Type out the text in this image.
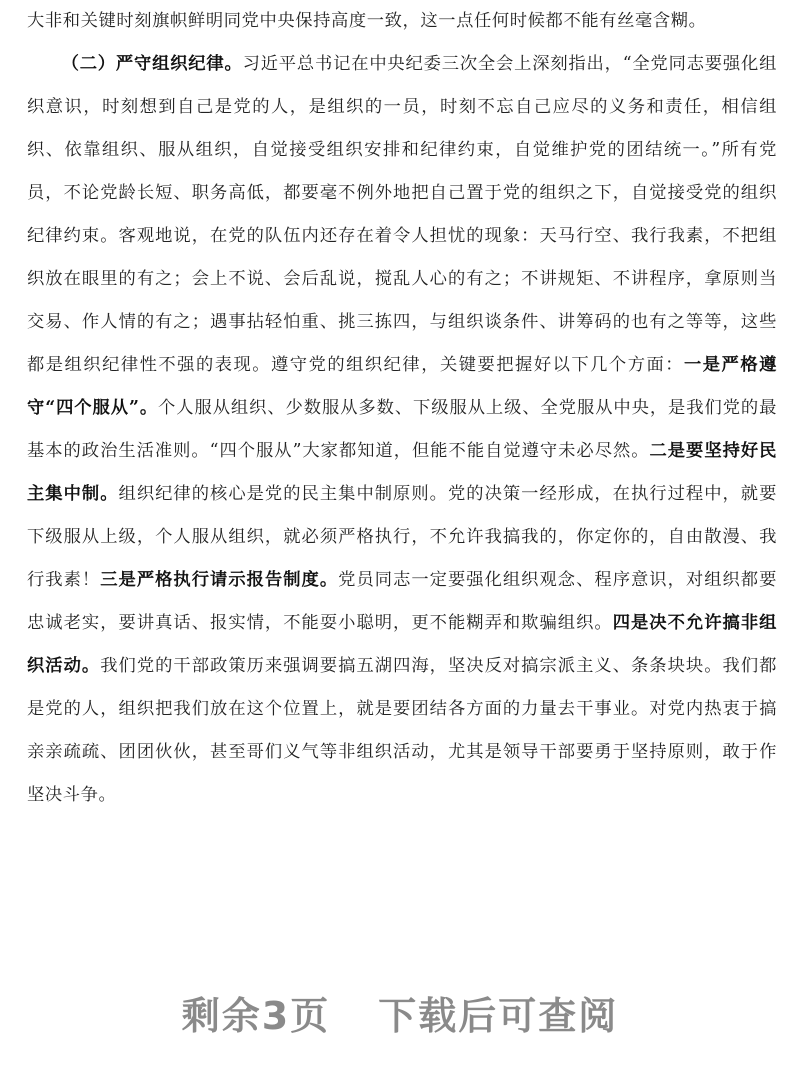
大非和关键时刻旗帜鲜明同党中央保持高度一致，这一点任何时候都不能有丝毫含糊。

（二）严守组织纪律。习近平总书记在中央纪委三次全会上深刻指出，“全党同志要强化组织意识，时刻想到自己是党的人，是组织的一员，时刻不忘自己应尽的义务和责任，相信组织、依靠组织、服从组织，自觉接受组织安排和纪律约束，自觉维护党的团结统一。”所有党员，不论党龄长短、职务高低，都要毫不例外地把自己置于党的组织之下，自觉接受党的组织纪律约束。客观地说，在党的队伍内还存在着令人担忧的现象：天马行空、我行我素，不把组织放在眼里的有之；会上不说、会后乱说，搅乱人心的有之；不讲规矩、不讲程序，拿原则当交易、作人情的有之；遇事拈轻怕重、挑三拣四，与组织谈条件、讲筹码的也有之等等，这些都是组织纪律性不强的表现。遵守党的组织纪律，关键要把握好以下几个方面：一是严格遵守“四个服从”。个人服从组织、少数服从多数、下级服从上级、全党服从中央，是我们党的最基本的政治生活准则。“四个服从”大家都知道，但能不能自觉遵守未必尽然。二是要坚持好民主集中制。组织纪律的核心是党的民主集中制原则。党的决策一经形成，在执行过程中，就要下级服从上级，个人服从组织，就必须严格执行，不允许我搞我的，你定你的，自由散漫、我行我素！三是严格执行请示报告制度。党员同志一定要强化组织观念、程序意识，对组织都要忠诚老实，要讲真话、报实情，不能耍小聪明，更不能糊弄和欺骗组织。四是决不允许搞非组织活动。我们党的干部政策历来强调要搞五湖四海，坚决反对搞宗派主义、条条块块。我们都是党的人，组织把我们放在这个位置上，就是要团结各方面的力量去干事业。对党内热衷于搞亲亲疏疏、团团伙伙，甚至哥们义气等非组织活动，尤其是领导干部要勇于坚持原则，敢于作坚决斗争。

剩余3页 下载后可查阅
